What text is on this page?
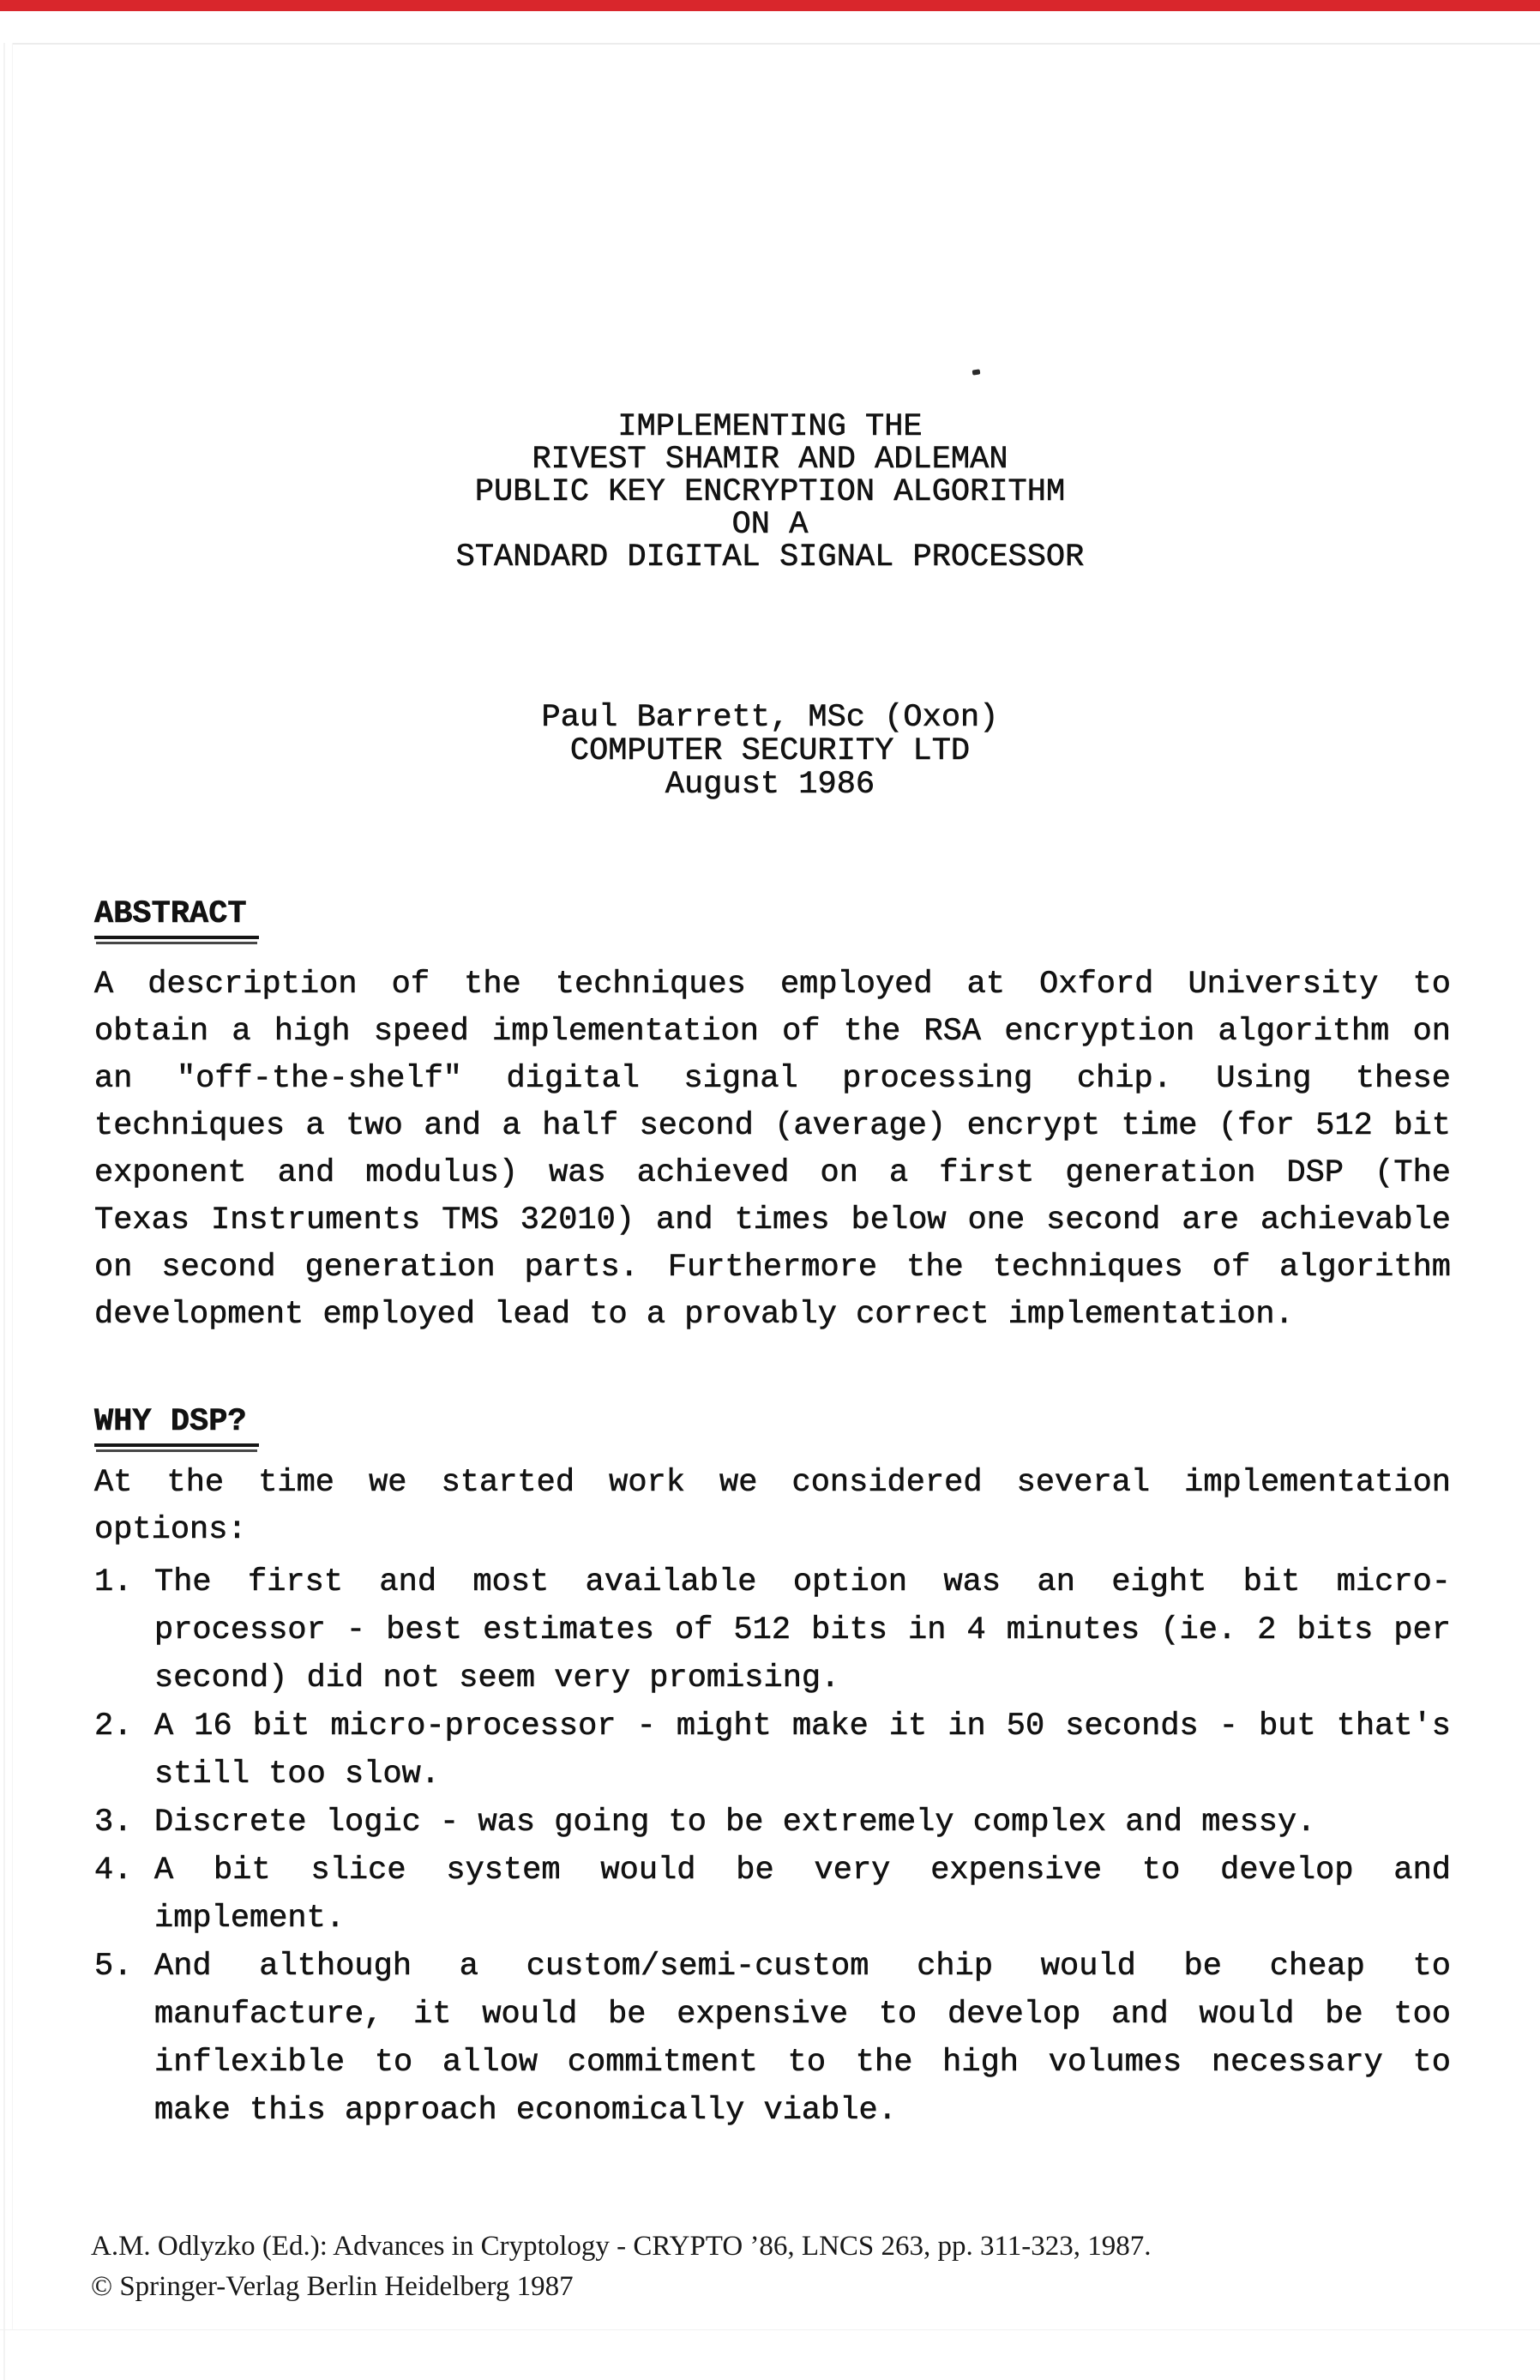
IMPLEMENTING THE
RIVEST SHAMIR AND ADLEMAN
PUBLIC KEY ENCRYPTION ALGORITHM
ON A
STANDARD DIGITAL SIGNAL PROCESSOR
Paul Barrett, MSc (Oxon)
COMPUTER SECURITY LTD
August 1986
ABSTRACT
A description of the techniques employed at Oxford University to
obtain a high speed implementation of the RSA encryption algorithm on
an "off-the-shelf" digital signal processing chip. Using these
techniques a two and a half second (average) encrypt time (for 512 bit
exponent and modulus) was achieved on a first generation DSP (The
Texas Instruments TMS 32010) and times below one second are achievable
on second generation parts. Furthermore the techniques of algorithm
development employed lead to a provably correct implementation.
WHY DSP?
At the time we started work we considered several implementation
options:
1. The first and most available option was an eight bit micro-
processor - best estimates of 512 bits in 4 minutes (ie. 2 bits per
second) did not seem very promising.
2. A 16 bit micro-processor - might make it in 50 seconds - but that's
still too slow.
3. Discrete logic - was going to be extremely complex and messy.
4. A bit slice system would be very expensive to develop and
implement.
5. And although a custom/semi-custom chip would be cheap to
manufacture, it would be expensive to develop and would be too
inflexible to allow commitment to the high volumes necessary to
make this approach economically viable.
A.M. Odlyzko (Ed.): Advances in Cryptology - CRYPTO ’86, LNCS 263, pp. 311-323, 1987.
© Springer-Verlag Berlin Heidelberg 1987
